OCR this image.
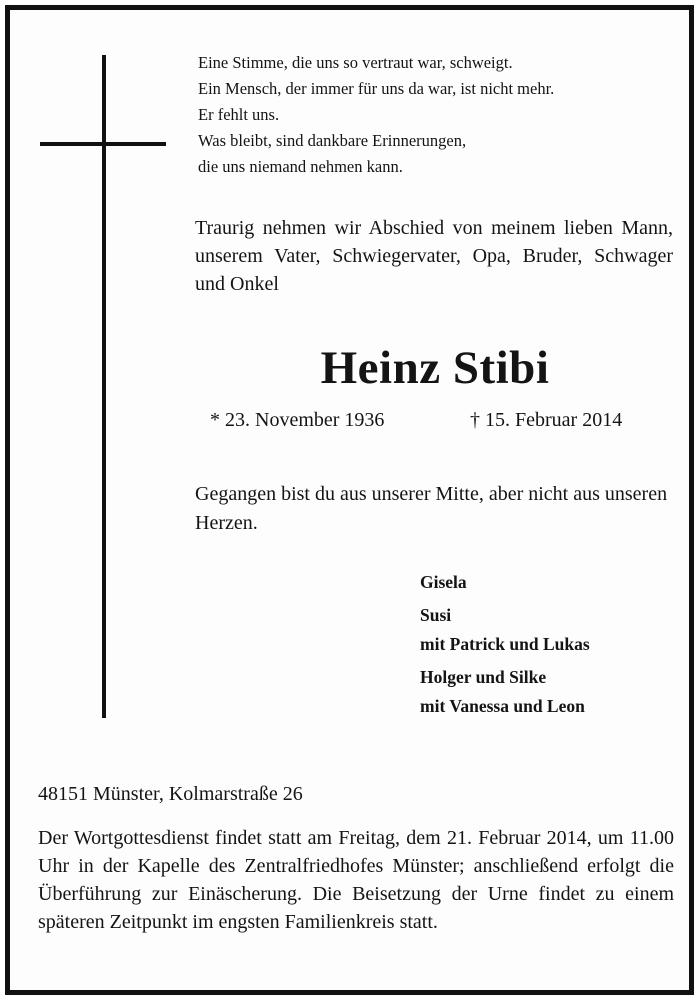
Eine Stimme, die uns so vertraut war, schweigt.
Ein Mensch, der immer für uns da war, ist nicht mehr.
Er fehlt uns.
Was bleibt, sind dankbare Erinnerungen,
die uns niemand nehmen kann.
Traurig nehmen wir Abschied von meinem lieben Mann, unserem Vater, Schwiegervater, Opa, Bruder, Schwager und Onkel
Heinz Stibi
* 23. November 1936	† 15. Februar 2014
Gegangen bist du aus unserer Mitte, aber nicht aus unseren Herzen.
Gisela
Susi
mit Patrick und Lukas
Holger und Silke
mit Vanessa und Leon
48151 Münster, Kolmarstraße 26
Der Wortgottesdienst findet statt am Freitag, dem 21. Februar 2014, um 11.00 Uhr in der Kapelle des Zentralfriedhofes Münster; anschließend erfolgt die Überführung zur Einäscherung. Die Beisetzung der Urne findet zu einem späteren Zeitpunkt im engsten Familienkreis statt.
